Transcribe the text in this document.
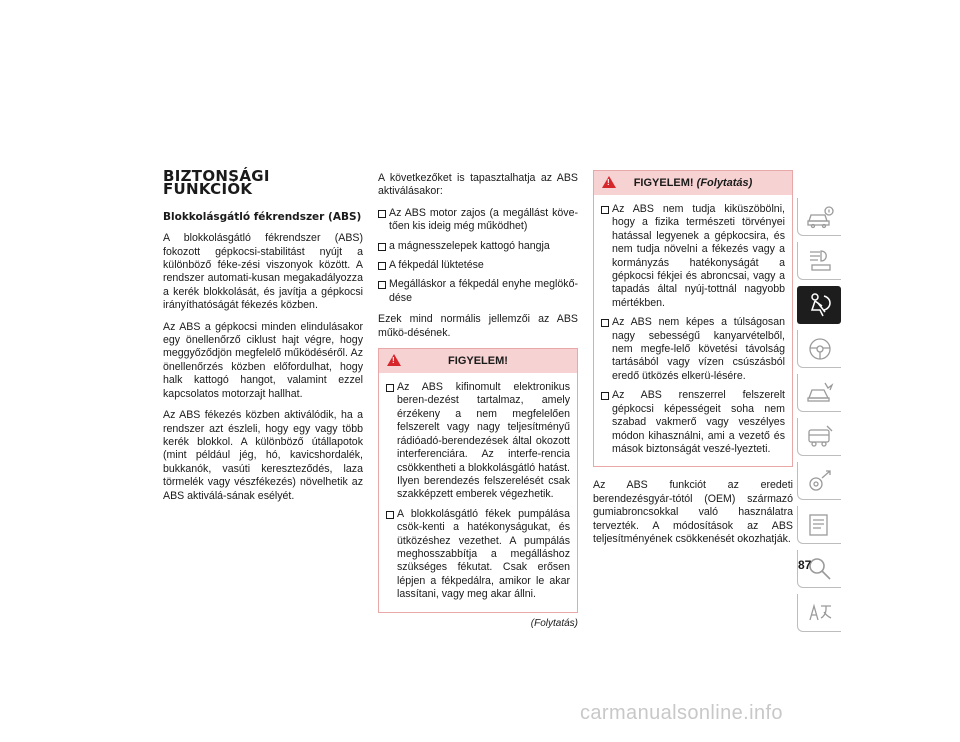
BIZTONSÁGI FUNKCIÓK
Blokkolásgátló fékrendszer (ABS)

A blokkolásgátló fékrendszer (ABS) fokozott gépkocsi-stabilitást nyújt a különböző féke-zési viszonyok között. A rendszer automati-kusan megakadályozza a kerék blokkolását, és javítja a gépkocsi irányíthatóságát fékezés közben.

Az ABS a gépkocsi minden elindulásakor egy önellenőrző ciklust hajt végre, hogy meggyőződjön megfelelő működéséről. Az önellenőrzés közben előfordulhat, hogy halk kattogó hangot, valamint ezzel kapcsolatos motorzajt hallhat.

Az ABS fékezés közben aktiválódik, ha a rendszer azt észleli, hogy egy vagy több kerék blokkol. A különböző útállapotok (mint például jég, hó, kavicshordalék, bukkanók, vasúti kereszteződés, laza törmelék vagy vészfékezés) növelhetik az ABS aktiválá-sának esélyét.

A következőket is tapasztalhatja az ABS aktiválásakor:

Az ABS motor zajos (a megállást köve-tően kis ideig még működhet)
a mágnesszelepek kattogó hangja
A fékpedál lüktetése
Megálláskor a fékpedál enyhe meglökő-dése

Ezek mind normális jellemzői az ABS műkö-désének.

!
FIGYELEM!
Az ABS kifinomult elektronikus beren-dezést tartalmaz, amely érzékeny a nem megfelelően felszerelt vagy nagy teljesítményű rádióadó-berendezések által okozott interferenciára. Az interfe-rencia csökkentheti a blokkolásgátló hatást. Ilyen berendezés felszerelését csak szakképzett emberek végezhetik.
A blokkolásgátló fékek pumpálása csök-kenti a hatékonyságukat, és ütközéshez vezethet. A pumpálás meghosszabbítja a megálláshoz szükséges fékutat. Csak erősen lépjen a fékpedálra, amikor le akar lassítani, vagy meg akar állni.
(Folytatás)
!
FIGYELEM! (Folytatás)
Az ABS nem tudja kiküszöbölni, hogy a fizika természeti törvényei hatással legyenek a gépkocsira, és nem tudja növelni a fékezés vagy a kormányzás hatékonyságát a gépkocsi fékjei és abroncsai, vagy a tapadás által nyúj-tottnál nagyobb mértékben.
Az ABS nem képes a túlságosan nagy sebességű kanyarvételből, nem megfe-lelő követési távolság tartásából vagy vízen csúszásból eredő ütközés elkerü-lésére.
Az ABS renszerrel felszerelt gépkocsi képességeit soha nem szabad vakmerő vagy veszélyes módon kihasználni, ami a vezető és mások biztonságát veszé-lyezteti.

Az ABS funkciót az eredeti berendezésgyár-tótól (OEM) származó gumiabroncsokkal való használatra tervezték. A módosítások az ABS teljesítményének csökkenését okozhatják.

87
carmanualsonline.info
